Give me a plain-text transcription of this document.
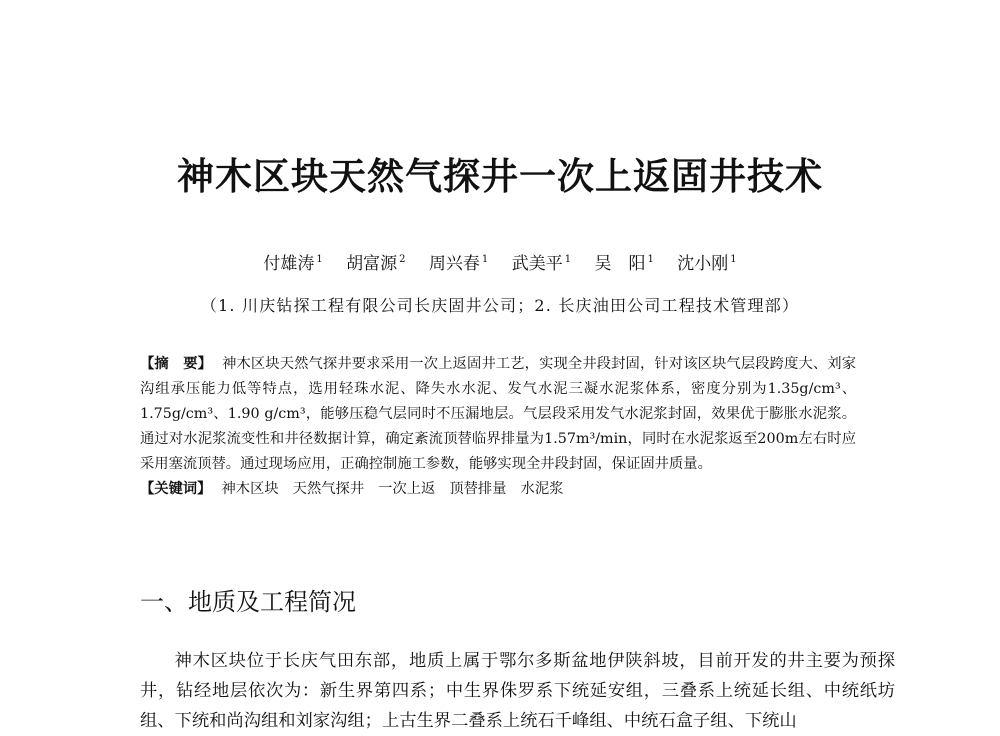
神木区块天然气探井一次上返固井技术
付雄涛 $^1$ 胡富源 $^2$ 周兴春 $^1$ 武美平 $^1$ 吴　阳 $^1$ 沈小刚 $^1$
（1. 川庆钻探工程有限公司长庆固井公司；2. 长庆油田公司工程技术管理部）

【摘　要】 神木区块天然气探井要求采用一次上返固井工艺，实现全井段封固，针对该区块气层段跨度大、刘家沟组承压能力低等特点，选用轻珠水泥、降失水水泥、发气水泥三凝水泥浆体系，密度分别为1.35g/cm³、1.75g/cm³、1.90 g/cm³，能够压稳气层同时不压漏地层。气层段采用发气水泥浆封固，效果优于膨胀水泥浆。通过对水泥浆流变性和井径数据计算，确定紊流顶替临界排量为1.57m³/min，同时在水泥浆返至200m左右时应采用塞流顶替。通过现场应用，正确控制施工参数，能够实现全井段封固，保证固井质量。

【关键词】 神木区块 天然气探井 一次上返 顶替排量 水泥浆

一、地质及工程简况

神木区块位于长庆气田东部，地质上属于鄂尔多斯盆地伊陕斜坡，目前开发的井主要为预探井，钻经地层依次为：新生界第四系；中生界侏罗系下统延安组，三叠系上统延长组、中统纸坊组、下统和尚沟组和刘家沟组；上古生界二叠系上统石千峰组、中统石盒子组、下统山
